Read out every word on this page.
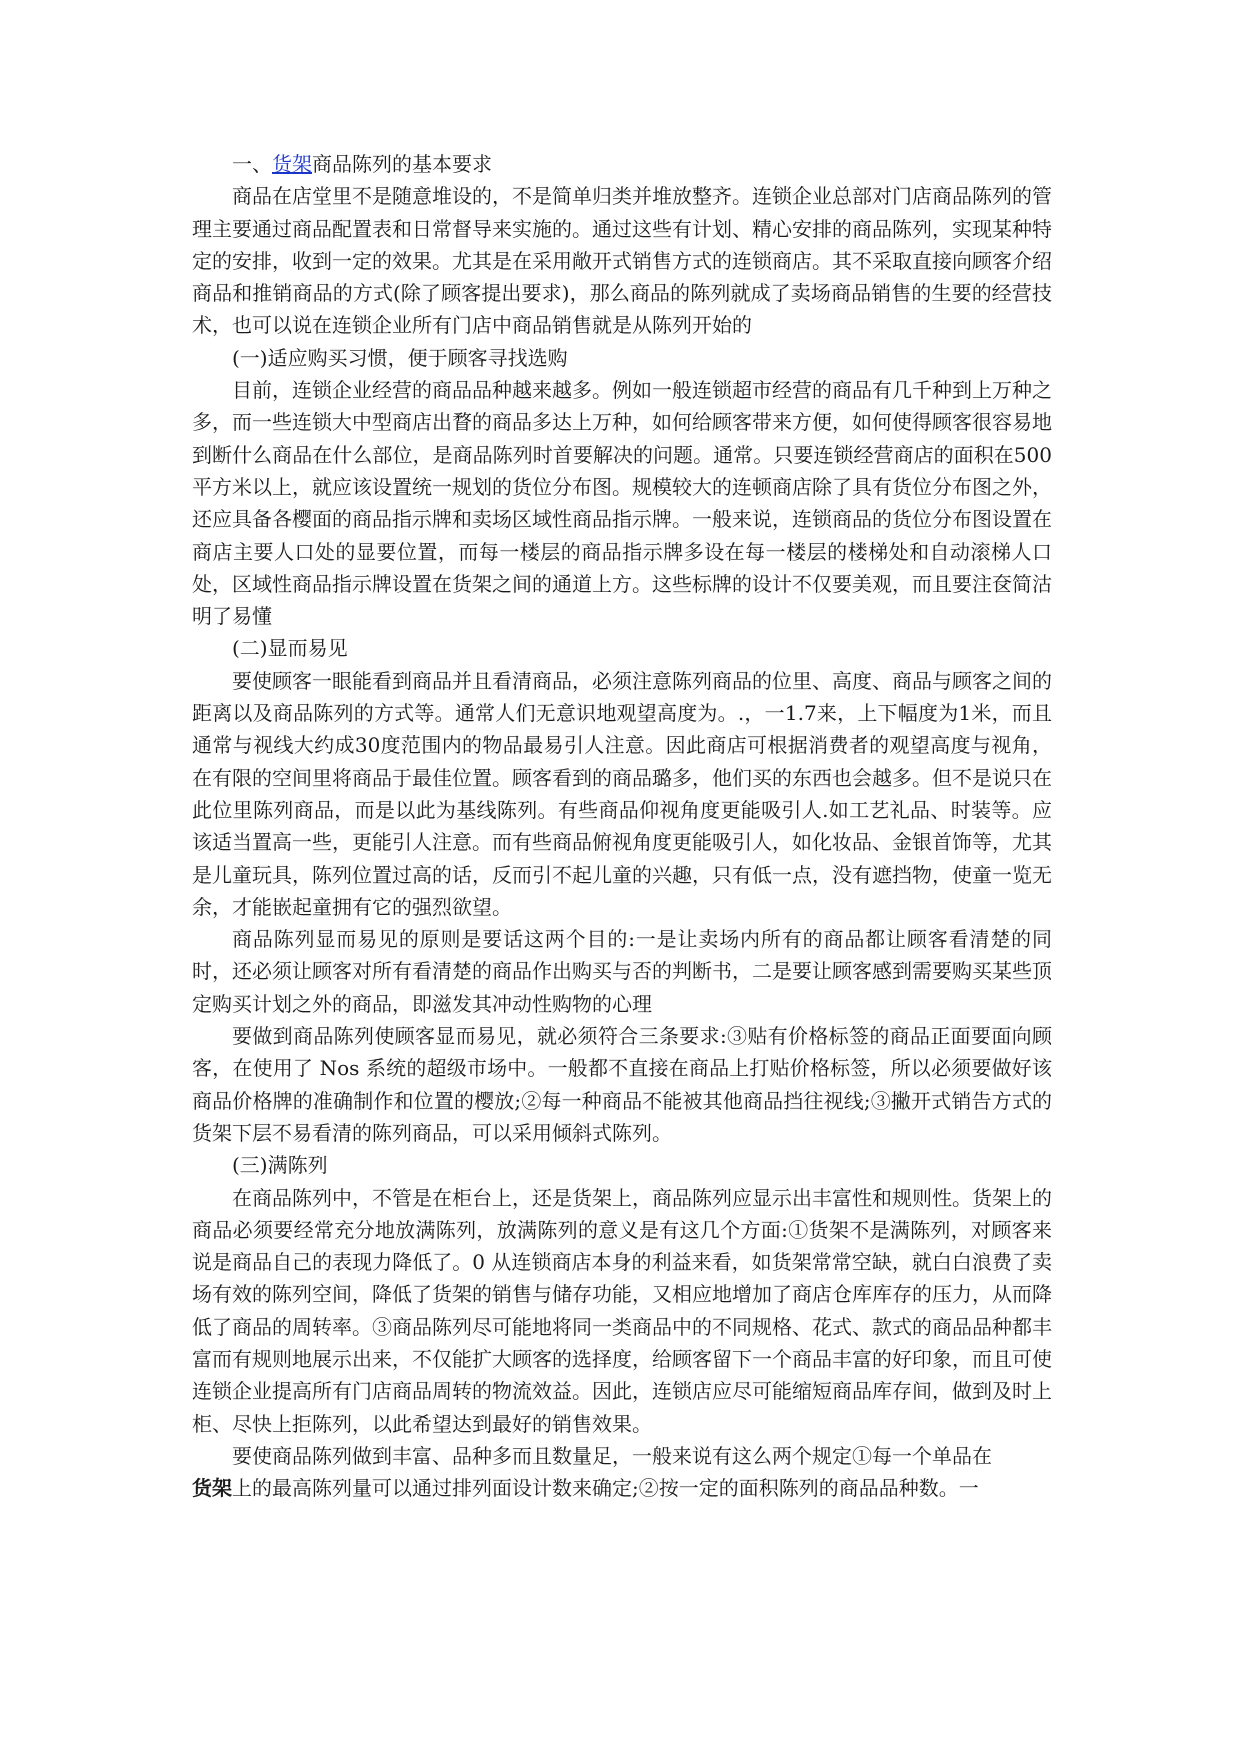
一、货架商品陈列的基本要求

商品在店堂里不是随意堆设的，不是简单归类并堆放整齐。连锁企业总部对门店商品陈列的管理主要通过商品配置表和日常督导来实施的。通过这些有计划、精心安排的商品陈列，实现某种特定的安排，收到一定的效果。尤其是在采用敞开式销售方式的连锁商店。其不采取直接向顾客介绍商品和推销商品的方式(除了顾客提出要求)，那么商品的陈列就成了卖场商品销售的生要的经营技术，也可以说在连锁企业所有门店中商品销售就是从陈列开始的

(一)适应购买习惯，便于顾客寻找选购

目前，连锁企业经营的商品品种越来越多。例如一般连锁超市经营的商品有几千种到上万种之多，而一些连锁大中型商店出瞀的商品多达上万种，如何给顾客带来方便，如何使得顾客很容易地到断什么商品在什么部位，是商品陈列时首要解决的问题。通常。只要连锁经营商店的面积在500平方米以上，就应该设置统一规划的货位分布图。规模较大的连顿商店除了具有货位分布图之外，还应具备各樱面的商品指示牌和卖场区域性商品指示牌。一般来说，连锁商品的货位分布图设置在商店主要人口处的显要位置，而每一楼层的商品指示牌多设在每一楼层的楼梯处和自动滚梯人口处，区域性商品指示牌设置在货架之间的通道上方。这些标牌的设计不仅要美观，而且要注奁简沽明了易懂

(二)显而易见

要使顾客一眼能看到商品并且看清商品，必须注意陈列商品的位里、高度、商品与顾客之间的距离以及商品陈列的方式等。通常人们无意识地观望高度为。.，一1.7来，上下幅度为1米，而且通常与视线大约成30度范围内的物品最易引人注意。因此商店可根据消费者的观望高度与视角，在有限的空间里将商品于最佳位置。顾客看到的商品璐多，他们买的东西也会越多。但不是说只在此位里陈列商品，而是以此为基线陈列。有些商品仰视角度更能吸引人.如工艺礼品、时装等。应该适当置高一些，更能引人注意。而有些商品俯视角度更能吸引人，如化妆品、金银首饰等，尤其是儿童玩具，陈列位置过高的话，反而引不起儿童的兴趣，只有低一点，没有遮挡物，使童一览无余，才能嵌起童拥有它的强烈欲望。

商品陈列显而易见的原则是要话这两个目的:一是让卖场内所有的商品都让顾客看清楚的同时，还必须让顾客对所有看清楚的商品作出购买与否的判断书，二是要让顾客感到需要购买某些顶定购买计划之外的商品，即滋发其冲动性购物的心理

要做到商品陈列使顾客显而易见，就必须符合三条要求:③贴有价格标签的商品正面要面向顾客，在使用了 Nos 系统的超级市场中。一般都不直接在商品上打贴价格标签，所以必须要做好该商品价格牌的准确制作和位置的樱放;②每一种商品不能被其他商品挡往视线;③撇开式销告方式的货架下层不易看清的陈列商品，可以采用倾斜式陈列。

(三)满陈列

在商品陈列中，不管是在柜台上，还是货架上，商品陈列应显示出丰富性和规则性。货架上的商品必须要经常充分地放满陈列，放满陈列的意义是有这几个方面:①货架不是满陈列，对顾客来说是商品自己的表现力降低了。0 从连锁商店本身的利益来看，如货架常常空缺，就白白浪费了卖场有效的陈列空间，降低了货架的销售与储存功能，又相应地增加了商店仓库库存的压力，从而降低了商品的周转率。③商品陈列尽可能地将同一类商品中的不同规格、花式、款式的商品品种都丰富而有规则地展示出来，不仅能扩大顾客的选择度，给顾客留下一个商品丰富的好印象，而且可使连锁企业提高所有门店商品周转的物流效益。因此，连锁店应尽可能缩短商品库存间，做到及时上柜、尽快上拒陈列，以此希望达到最好的销售效果。

要使商品陈列做到丰富、品种多而且数量足，一般来说有这么两个规定①每一个单品在

货架上的最高陈列量可以通过排列面设计数来确定;②按一定的面积陈列的商品品种数。一
